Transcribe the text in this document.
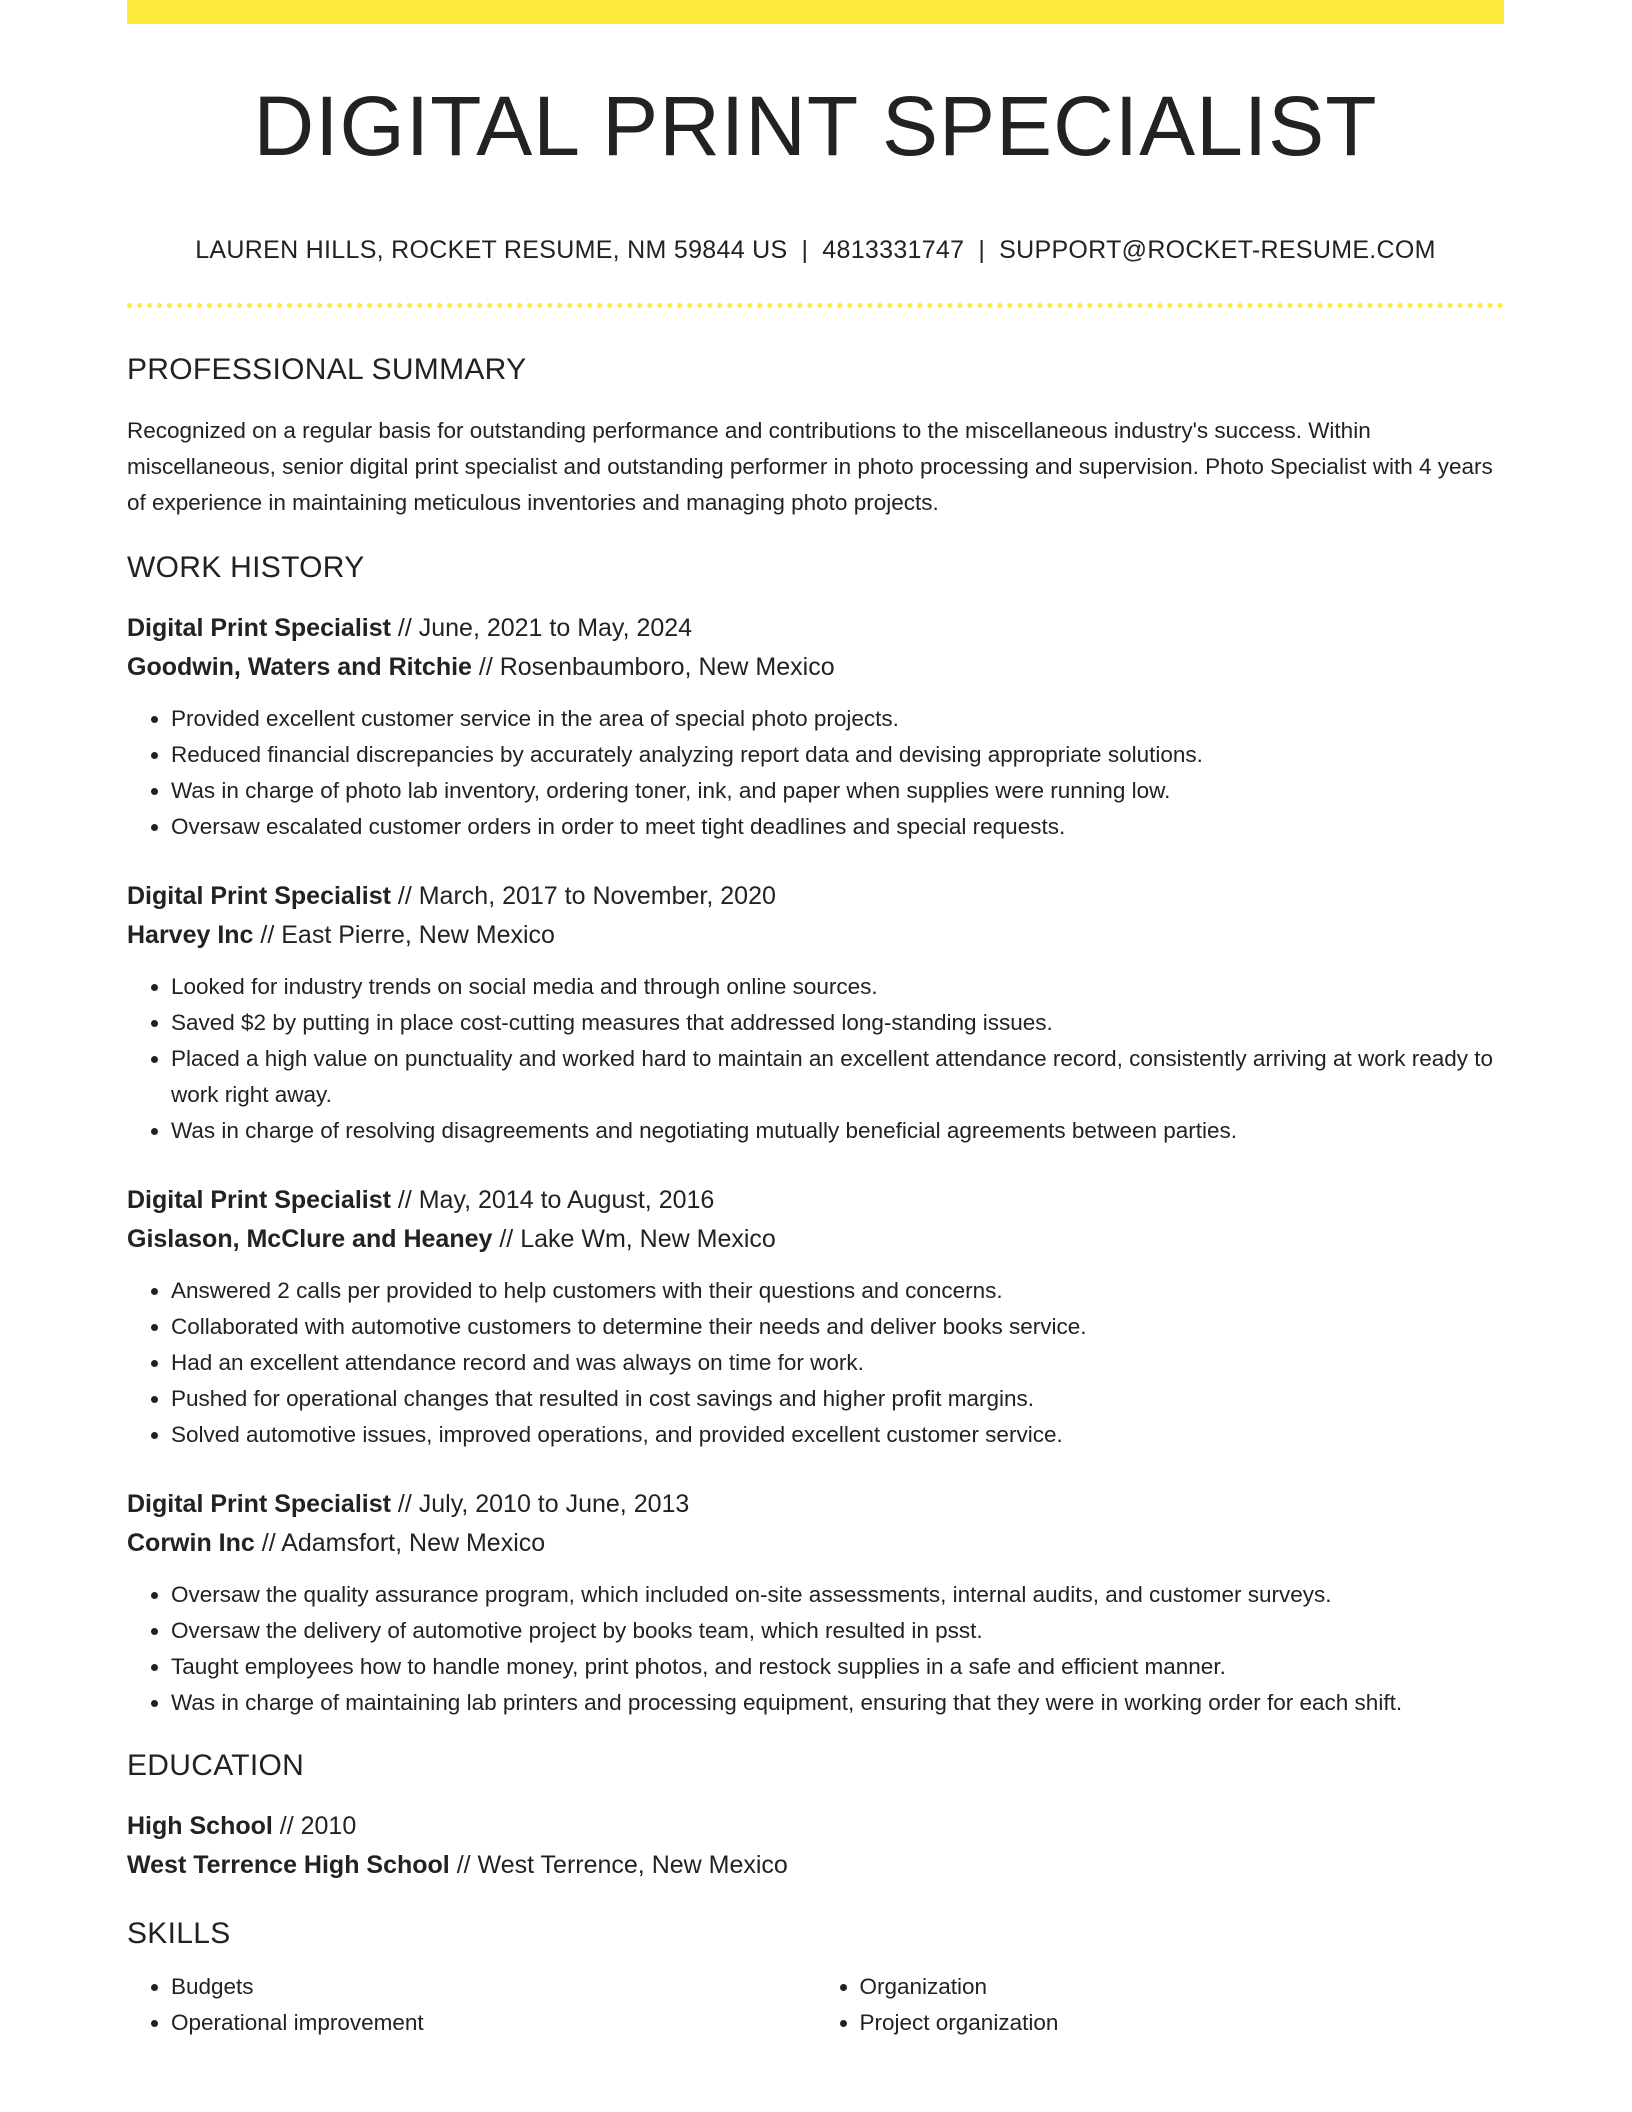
DIGITAL PRINT SPECIALIST
LAUREN HILLS, ROCKET RESUME, NM 59844 US | 4813331747 | SUPPORT@ROCKET-RESUME.COM
PROFESSIONAL SUMMARY
Recognized on a regular basis for outstanding performance and contributions to the miscellaneous industry's success. Within miscellaneous, senior digital print specialist and outstanding performer in photo processing and supervision. Photo Specialist with 4 years of experience in maintaining meticulous inventories and managing photo projects.
WORK HISTORY
Digital Print Specialist // June, 2021 to May, 2024
Goodwin, Waters and Ritchie // Rosenbaumboro, New Mexico
• Provided excellent customer service in the area of special photo projects.
• Reduced financial discrepancies by accurately analyzing report data and devising appropriate solutions.
• Was in charge of photo lab inventory, ordering toner, ink, and paper when supplies were running low.
• Oversaw escalated customer orders in order to meet tight deadlines and special requests.
Digital Print Specialist // March, 2017 to November, 2020
Harvey Inc // East Pierre, New Mexico
• Looked for industry trends on social media and through online sources.
• Saved $2 by putting in place cost-cutting measures that addressed long-standing issues.
• Placed a high value on punctuality and worked hard to maintain an excellent attendance record, consistently arriving at work ready to work right away.
• Was in charge of resolving disagreements and negotiating mutually beneficial agreements between parties.
Digital Print Specialist // May, 2014 to August, 2016
Gislason, McClure and Heaney // Lake Wm, New Mexico
• Answered 2 calls per provided to help customers with their questions and concerns.
• Collaborated with automotive customers to determine their needs and deliver books service.
• Had an excellent attendance record and was always on time for work.
• Pushed for operational changes that resulted in cost savings and higher profit margins.
• Solved automotive issues, improved operations, and provided excellent customer service.
Digital Print Specialist // July, 2010 to June, 2013
Corwin Inc // Adamsfort, New Mexico
• Oversaw the quality assurance program, which included on-site assessments, internal audits, and customer surveys.
• Oversaw the delivery of automotive project by books team, which resulted in psst.
• Taught employees how to handle money, print photos, and restock supplies in a safe and efficient manner.
• Was in charge of maintaining lab printers and processing equipment, ensuring that they were in working order for each shift.
EDUCATION
High School // 2010
West Terrence High School // West Terrence, New Mexico
SKILLS
• Budgets
• Operational improvement
• Organization
• Project organization
